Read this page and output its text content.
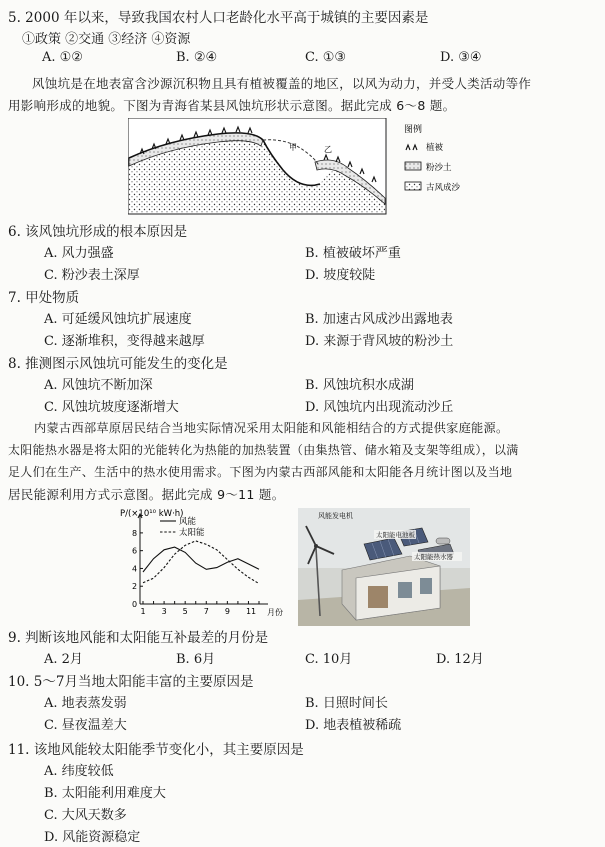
5. 2000 年以来，导致我国农村人口老龄化水平高于城镇的主要因素是
①政策 ②交通 ③经济 ④资源
A. ①②	B. ②④	C. ①③	D. ③④
风蚀坑是在地表富含沙源沉积物且具有植被覆盖的地区，以风为动力，并受人类活动等作
用影响形成的地貌。下图为青海省某县风蚀坑形状示意图。据此完成 6～8 题。
甲	乙
图例
植被
粉沙土
古风成沙
6. 该风蚀坑形成的根本原因是
A. 风力强盛	B. 植被破坏严重
C. 粉沙表土深厚	D. 坡度较陡
7. 甲处物质
A. 可延缓风蚀坑扩展速度	B. 加速古风成沙出露地表
C. 逐渐堆积，变得越来越厚	D. 来源于背风坡的粉沙土
8. 推测图示风蚀坑可能发生的变化是
A. 风蚀坑不断加深	B. 风蚀坑积水成湖
C. 风蚀坑坡度逐渐增大	D. 风蚀坑内出现流动沙丘
内蒙古西部草原居民结合当地实际情况采用太阳能和风能相结合的方式提供家庭能源。
太阳能热水器是将太阳的光能转化为热能的加热装置（由集热管、储水箱及支架等组成），以满
足人们在生产、生活中的热水使用需求。下图为内蒙古西部风能和太阳能各月统计图以及当地
居民能源利用方式示意图。据此完成 9～11 题。
P/(×10¹⁰ kW·h)
风能
太阳能
0
2
4
6
8
1 3 5 7 9 11 月份
风能发电机
太阳能电池板
太阳能热水器
9. 判断该地风能和太阳能互补最差的月份是
A. 2月	B. 6月	C. 10月	D. 12月
10. 5～7月当地太阳能丰富的主要原因是
A. 地表蒸发弱	B. 日照时间长
C. 昼夜温差大	D. 地表植被稀疏
11. 该地风能较太阳能季节变化小，其主要原因是
A. 纬度较低
B. 太阳能利用难度大
C. 大风天数多
D. 风能资源稳定
